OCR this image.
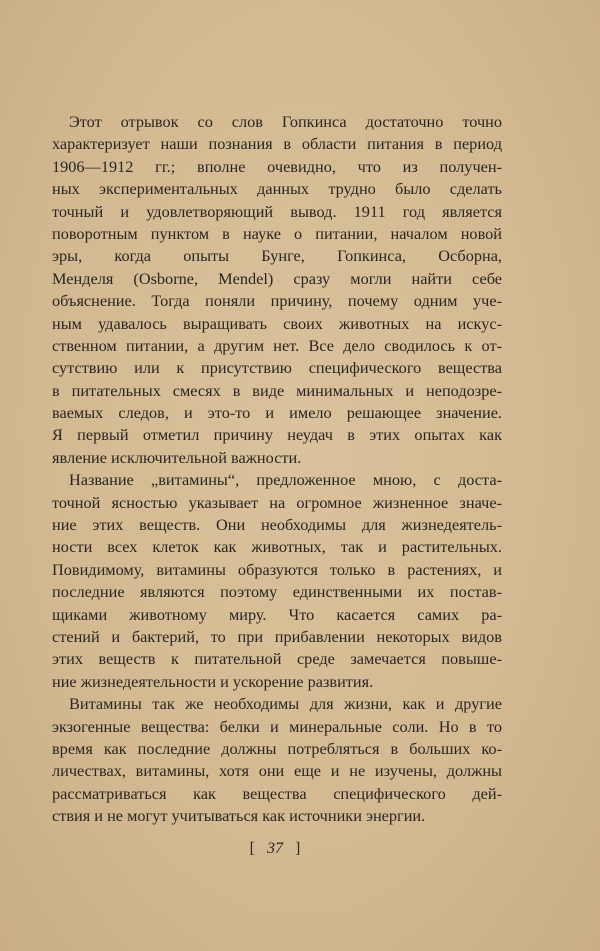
Этот отрывок со слов Гопкинса достаточно точно
характеризует наши познания в области питания в период
1906—1912 гг.; вполне очевидно, что из получен-
ных экспериментальных данных трудно было сделать
точный и удовлетворяющий вывод. 1911 год является
поворотным пунктом в науке о питании, началом новой
эры, когда опыты Бунге, Гопкинса, Осборна,
Менделя (Osborne, Mendel) сразу могли найти себе
объяснение. Тогда поняли причину, почему одним уче-
ным удавалось выращивать своих животных на искус-
ственном питании, а другим нет. Все дело сводилось к от-
сутствию или к присутствию специфического вещества
в питательных смесях в виде минимальных и неподозре-
ваемых следов, и это-то и имело решающее значение.
Я первый отметил причину неудач в этих опытах как
явление исключительной важности.
Название „витамины“, предложенное мною, с доста-
точной ясностью указывает на огромное жизненное значе-
ние этих веществ. Они необходимы для жизнедеятель-
ности всех клеток как животных, так и растительных.
Повидимому, витамины образуются только в растениях, и
последние являются поэтому единственными их постав-
щиками животному миру. Что касается самих ра-
стений и бактерий, то при прибавлении некоторых видов
этих веществ к питательной среде замечается повыше-
ние жизнедеятельности и ускорение развития.
Витамины так же необходимы для жизни, как и другие
экзогенные вещества: белки и минеральные соли. Но в то
время как последние должны потребляться в больших ко-
личествах, витамины, хотя они еще и не изучены, должны
рассматриваться как вещества специфического дей-
ствия и не могут учитываться как источники энергии.
[ 37 ]
